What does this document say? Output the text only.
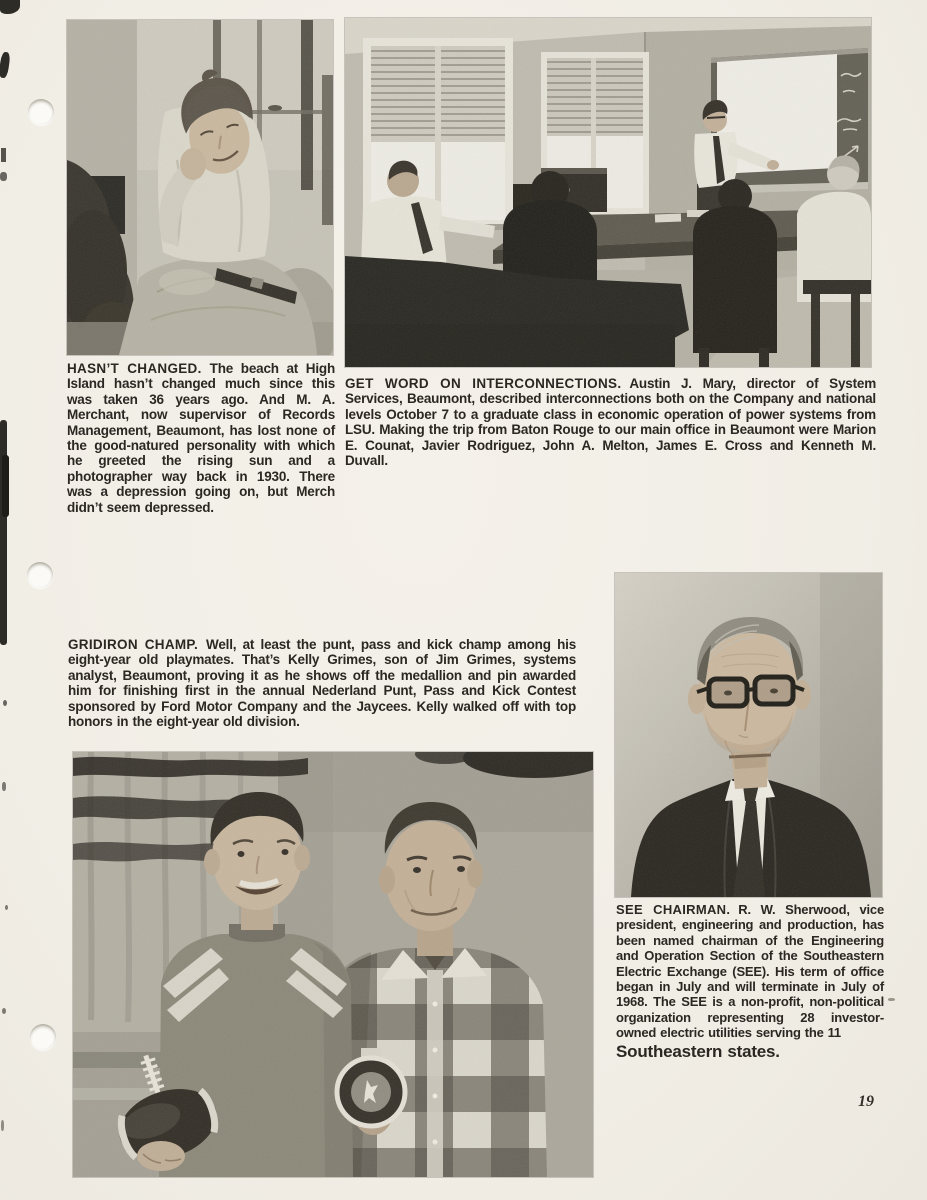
HASN’T CHANGED. The beach at High Island hasn’t changed much since this was taken 36 years ago. And M. A. Merchant, now supervisor of Records Management, Beaumont, has lost none of the good-natured personality with which he greeted the rising sun and a photographer way back in 1930. There was a depression going on, but Merch didn’t seem depressed.
GET WORD ON INTERCONNECTIONS. Austin J. Mary, director of System Services, Beaumont, described interconnections both on the Company and national levels October 7 to a graduate class in economic operation of power systems from LSU. Making the trip from Baton Rouge to our main office in Beaumont were Marion E. Counat, Javier Rodriguez, John A. Melton, James E. Cross and Kenneth M. Duvall.
GRIDIRON CHAMP. Well, at least the punt, pass and kick champ among his eight-year old playmates. That’s Kelly Grimes, son of Jim Grimes, systems analyst, Beaumont, proving it as he shows off the medallion and pin awarded him for finishing first in the annual Nederland Punt, Pass and Kick Contest sponsored by Ford Motor Company and the Jaycees. Kelly walked off with top honors in the eight-year old division.
SEE CHAIRMAN. R. W. Sherwood, vice president, engineering and production, has been named chairman of the Engineering and Operation Section of the Southeastern Electric Exchange (SEE). His term of office began in July and will terminate in July of 1968. The SEE is a non-profit, non-political organization representing 28 investor-owned electric utilities serving the 11
Southeastern states.
19
